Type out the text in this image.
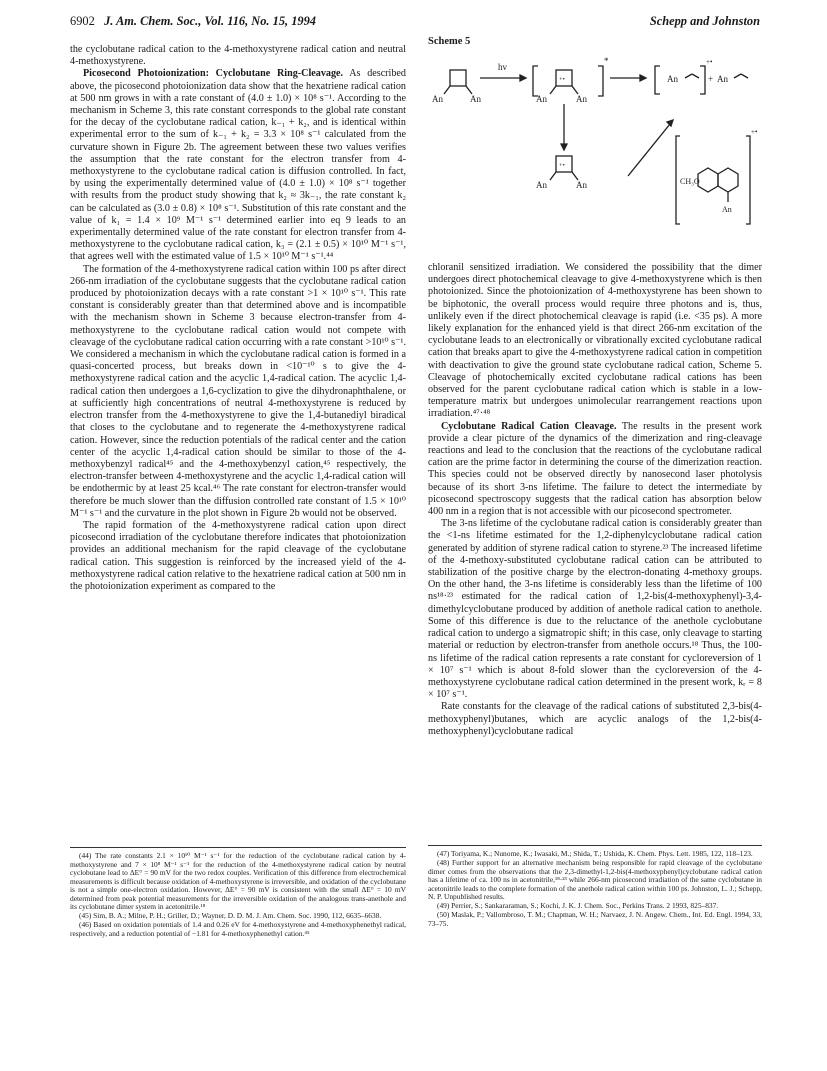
6902 J. Am. Chem. Soc., Vol. 116, No. 15, 1994	Schepp and Johnston

the cyclobutane radical cation to the 4-methoxystyrene radical cation and neutral 4-methoxystyrene.

Picosecond Photoionization: Cyclobutane Ring-Cleavage. As described above, the picosecond photoionization data show that the hexatriene radical cation at 500 nm grows in with a rate constant of (4.0 ± 1.0) × 10⁸ s⁻¹. According to the mechanism in Scheme 3, this rate constant corresponds to the global rate constant for the decay of the cyclobutane radical cation, k₋₁ + k₂, and is identical within experimental error to the sum of k₋₁ + k₂ = 3.3 × 10⁸ s⁻¹ calculated from the curvature shown in Figure 2b. The agreement between these two values verifies the assumption that the rate constant for the electron transfer from 4-methoxystyrene to the cyclobutane radical cation is diffusion controlled. In fact, by using the experimentally determined value of (4.0 ± 1.0) × 10⁸ s⁻¹ together with results from the product study showing that k₂ ≈ 3k₋₁, the rate constant k₂ can be calculated as (3.0 ± 0.8) × 10⁸ s⁻¹. Substitution of this rate constant and the value of k₁ = 1.4 × 10⁹ M⁻¹ s⁻¹ determined earlier into eq 9 leads to an experimentally determined value of the rate constant for electron transfer from 4-methoxystyrene to the cyclobutane radical cation, k₃ = (2.1 ± 0.5) × 10¹⁰ M⁻¹ s⁻¹, that agrees well with the estimated value of 1.5 × 10¹⁰ M⁻¹ s⁻¹.⁴⁴

The formation of the 4-methoxystyrene radical cation within 100 ps after direct 266-nm irradiation of the cyclobutane suggests that the cyclobutane radical cation produced by photoionization decays with a rate constant >1 × 10¹⁰ s⁻¹. This rate constant is considerably greater than that determined above and is incompatible with the mechanism shown in Scheme 3 because electron-transfer from 4-methoxystyrene to the cyclobutane radical cation would not compete with cleavage of the cyclobutane radical cation occurring with a rate constant >10¹⁰ s⁻¹. We considered a mechanism in which the cyclobutane radical cation is formed in a quasi-concerted process, but breaks down in <10⁻¹⁰ s to give the 4-methoxystyrene radical cation and the acyclic 1,4-radical cation. The acyclic 1,4-radical cation then undergoes a 1,6-cyclization to give the dihydronaphthalene, or at sufficiently high concentrations of neutral 4-methoxystyrene is reduced by electron transfer from the 4-methoxystyrene to give the 1,4-butanediyl biradical that closes to the cyclobutane and to regenerate the 4-methoxystyrene radical cation. However, since the reduction potentials of the radical center and the cation center of the acyclic 1,4-radical cation should be similar to those of the 4-methoxybenzyl radical⁴⁵ and the 4-methoxybenzyl cation,⁴⁵ respectively, the electron-transfer between 4-methoxystyrene and the acyclic 1,4-radical cation will be endothermic by at least 25 kcal.⁴⁶ The rate constant for electron-transfer would therefore be much slower than the diffusion controlled rate constant of 1.5 × 10¹⁰ M⁻¹ s⁻¹ and the curvature in the plot shown in Figure 2b would not be observed.

The rapid formation of the 4-methoxystyrene radical cation upon direct picosecond irradiation of the cyclobutane therefore indicates that photoionization provides an additional mechanism for the rapid cleavage of the cyclobutane radical cation. This suggestion is reinforced by the increased yield of the 4-methoxystyrene radical cation relative to the hexatriene radical cation at 500 nm in the photoionization experiment as compared to the

(44) The rate constants 2.1 × 10¹⁰ M⁻¹ s⁻¹ for the reduction of the cyclobutane radical cation by 4-methoxystyrene and 7 × 10⁸ M⁻¹ s⁻¹ for the reduction of the 4-methoxystyrene radical cation by neutral cyclobutane lead to ΔE° = 90 mV for the two redox couples. Verification of this difference from electrochemical measurements is difficult because oxidation of 4-methoxystyrene is irreversible, and oxidation of the cyclobutane is not a simple one-electron oxidation. However, ΔE° = 90 mV is consistent with the small ΔE° = 10 mV determined from peak potential measurements for the irreversible oxidation of the analogous trans-anethole and its cyclobutane dimer system in acetonitrile.¹⁸

(45) Sim, B. A.; Milne, P. H.; Griller, D.; Wayner, D. D. M. J. Am. Chem. Soc. 1990, 112, 6635–6638.

(46) Based on oxidation potentials of 1.4 and 0.26 eV for 4-methoxystyrene and 4-methoxyphenethyl radical, respectively, and a reduction potential of −1.81 for 4-methoxyphenethyl cation.⁴⁵

Scheme 5
hv
An	An	An	An
+•
*
An
+•
+ An
An	An
+•
CH₃O
An
+•

chloranil sensitized irradiation. We considered the possibility that the dimer undergoes direct photochemical cleavage to give 4-methoxystyrene which is then photoionized. Since the photoionization of 4-methoxystyrene has been shown to be biphotonic, the overall process would require three photons and is, thus, unlikely even if the direct photochemical cleavage is rapid (i.e. <35 ps). A more likely explanation for the enhanced yield is that direct 266-nm excitation of the cyclobutane leads to an electronically or vibrationally excited cyclobutane radical cation that breaks apart to give the 4-methoxystyrene radical cation in competition with deactivation to give the ground state cyclobutane radical cation, Scheme 5. Cleavage of photochemically excited cyclobutane radical cations has been observed for the parent cyclobutane radical cation which is stable in a low-temperature matrix but undergoes unimolecular rearrangement reactions upon irradiation.⁴⁷·⁴⁸

Cyclobutane Radical Cation Cleavage. The results in the present work provide a clear picture of the dynamics of the dimerization and ring-cleavage reactions and lead to the conclusion that the reactions of the cyclobutane radical cation are the prime factor in determining the course of the dimerization reaction. This species could not be observed directly by nanosecond laser photolysis because of its short 3-ns lifetime. The failure to detect the intermediate by picosecond spectroscopy suggests that the radical cation has absorption below 400 nm in a region that is not accessible with our picosecond spectrometer.

The 3-ns lifetime of the cyclobutane radical cation is considerably greater than the <1-ns lifetime estimated for the 1,2-diphenylcyclobutane radical cation generated by addition of styrene radical cation to styrene.²³ The increased lifetime of the 4-methoxy-substituted cyclobutane radical cation can be attributed to stabilization of the positive charge by the electron-donating 4-methoxy groups. On the other hand, the 3-ns lifetime is considerably less than the lifetime of 100 ns¹⁸·²³ estimated for the radical cation of 1,2-bis(4-methoxyphenyl)-3,4-dimethylcyclobutane produced by addition of anethole radical cation to anethole. Some of this difference is due to the reluctance of the anethole cyclobutane radical cation to undergo a sigmatropic shift; in this case, only cleavage to starting material or reduction by electron-transfer from anethole occurs.¹⁸ Thus, the 100-ns lifetime of the radical cation represents a rate constant for cycloreversion of 1 × 10⁷ s⁻¹ which is about 8-fold slower than the cycloreversion of the 4-methoxystyrene cyclobutane radical cation determined in the present work, kᵣ = 8 × 10⁷ s⁻¹.

Rate constants for the cleavage of the radical cations of substituted 2,3-bis(4-methoxyphenyl)butanes, which are acyclic analogs of the 1,2-bis(4-methoxyphenyl)cyclobutane radical

(47) Toriyama, K.; Nunome, K.; Iwasaki, M.; Shida, T.; Ushida, K. Chem. Phys. Lett. 1985, 122, 118–123.

(48) Further support for an alternative mechanism being responsible for rapid cleavage of the cyclobutane dimer comes from the observations that the 2,3-dimethyl-1,2-bis(4-methoxyphenyl)cyclobutane radical cation has a lifetime of ca. 100 ns in acetonitrile,¹⁸·²³ while 266-nm picosecond irradiation of the same cyclobutane in acetonitrile leads to the complete formation of the anethole radical cation within 100 ps. Johnston, L. J.; Schepp, N. P. Unpublished results.

(49) Perrier, S.; Sankararaman, S.; Kochi, J. K. J. Chem. Soc., Perkins Trans. 2 1993, 825–837.

(50) Maslak, P.; Vallombroso, T. M.; Chapman, W. H.; Narvaez, J. N. Angew. Chem., Int. Ed. Engl. 1994, 33, 73–75.
